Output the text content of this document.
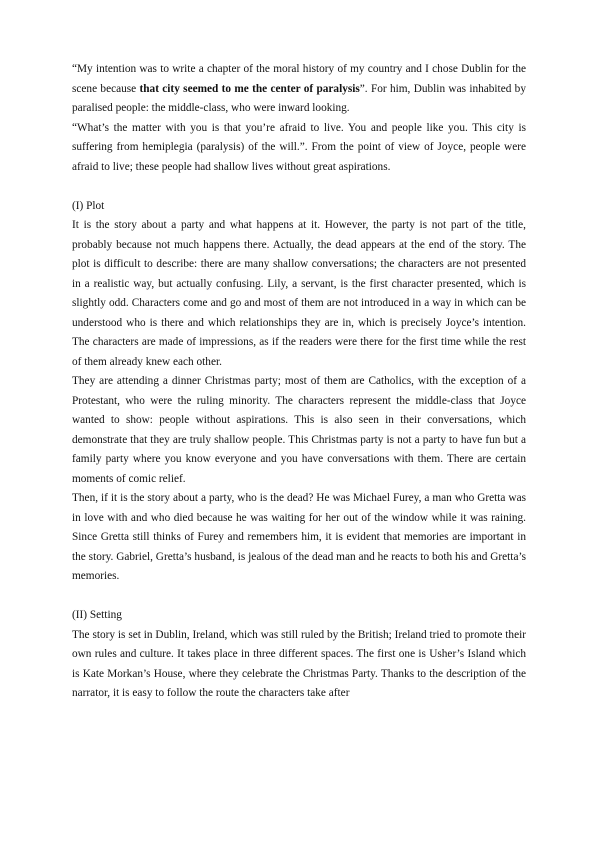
“My intention was to write a chapter of the moral history of my country and I chose Dublin for the scene because that city seemed to me the center of paralysis”. For him, Dublin was inhabited by paralised people: the middle-class, who were inward looking.

“What’s the matter with you is that you’re afraid to live. You and people like you. This city is suffering from hemiplegia (paralysis) of the will.”. From the point of view of Joyce, people were afraid to live; these people had shallow lives without great aspirations.

(I) Plot

It is the story about a party and what happens at it. However, the party is not part of the title, probably because not much happens there. Actually, the dead appears at the end of the story. The plot is difficult to describe: there are many shallow conversations; the characters are not presented in a realistic way, but actually confusing. Lily, a servant, is the first character presented, which is slightly odd. Characters come and go and most of them are not introduced in a way in which can be understood who is there and which relationships they are in, which is precisely Joyce’s intention. The characters are made of impressions, as if the readers were there for the first time while the rest of them already knew each other.

They are attending a dinner Christmas party; most of them are Catholics, with the exception of a Protestant, who were the ruling minority. The characters represent the middle-class that Joyce wanted to show: people without aspirations. This is also seen in their conversations, which demonstrate that they are truly shallow people. This Christmas party is not a party to have fun but a family party where you know everyone and you have conversations with them. There are certain moments of comic relief.

Then, if it is the story about a party, who is the dead? He was Michael Furey, a man who Gretta was in love with and who died because he was waiting for her out of the window while it was raining. Since Gretta still thinks of Furey and remembers him, it is evident that memories are important in the story. Gabriel, Gretta’s husband, is jealous of the dead man and he reacts to both his and Gretta’s memories.

(II) Setting

The story is set in Dublin, Ireland, which was still ruled by the British; Ireland tried to promote their own rules and culture. It takes place in three different spaces. The first one is Usher’s Island which is Kate Morkan’s House, where they celebrate the Christmas Party. Thanks to the description of the narrator, it is easy to follow the route the characters take after
